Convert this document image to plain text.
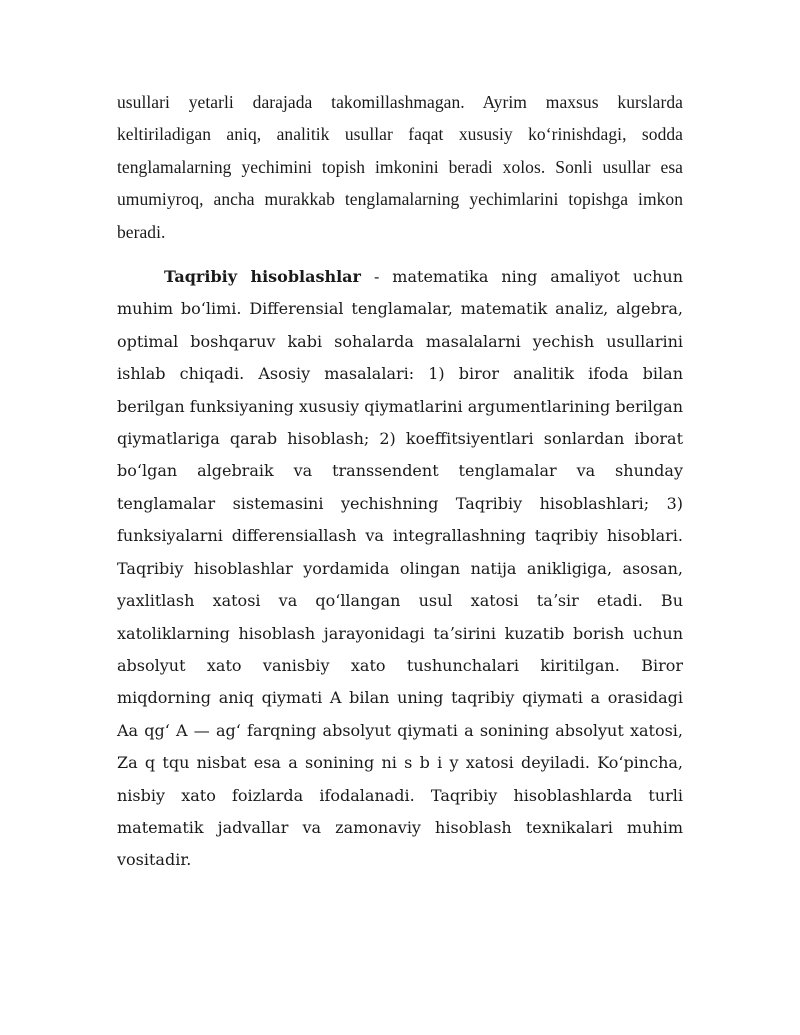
usullari yetarli darajada takomillashmagan. Ayrim maxsus kurslarda keltiriladigan aniq, analitik usullar faqat xususiy koʻrinishdagi, sodda tenglamalarning yechimini topish imkonini beradi xolos. Sonli usullar esa umumiyroq, ancha murakkab tenglamalarning yechimlarini topishga imkon beradi.

Taqribiy hisoblashlar - matematika ning amaliyot uchun muhim boʻlimi. Differensial tenglamalar, matematik analiz, algebra, optimal boshqaruv kabi sohalarda masalalarni yechish usullarini ishlab chiqadi. Asosiy masalalari: 1) biror analitik ifoda bilan berilgan funksiyaning xususiy qiymatlarini argumentlarining berilgan qiymatlariga qarab hisoblash; 2) koeffitsiyentlari sonlardan iborat boʻlgan algebraik va transsendent tenglamalar va shunday tenglamalar sistemasini yechishning Taqribiy hisoblashlari; 3) funksiyalarni differensiallash va integrallashning taqribiy hisoblari. Taqribiy hisoblashlar yordamida olingan natija anikligiga, asosan, yaxlitlash xatosi va qoʻllangan usul xatosi taʼsir etadi. Bu xatoliklarning hisoblash jarayonidagi taʼsirini kuzatib borish uchun absolyut xato vanisbiy xato tushunchalari kiritilgan. Biror miqdorning aniq qiymati A bilan uning taqribiy qiymati a orasidagi Aa qgʻ A — agʻ farqning absolyut qiymati a sonining absolyut xatosi, Za q tqu nisbat esa a sonining ni s b i y xatosi deyiladi. Koʻpincha, nisbiy xato foizlarda ifodalanadi. Taqribiy hisoblashlarda turli matematik jadvallar va zamonaviy hisoblash texnikalari muhim vositadir.
